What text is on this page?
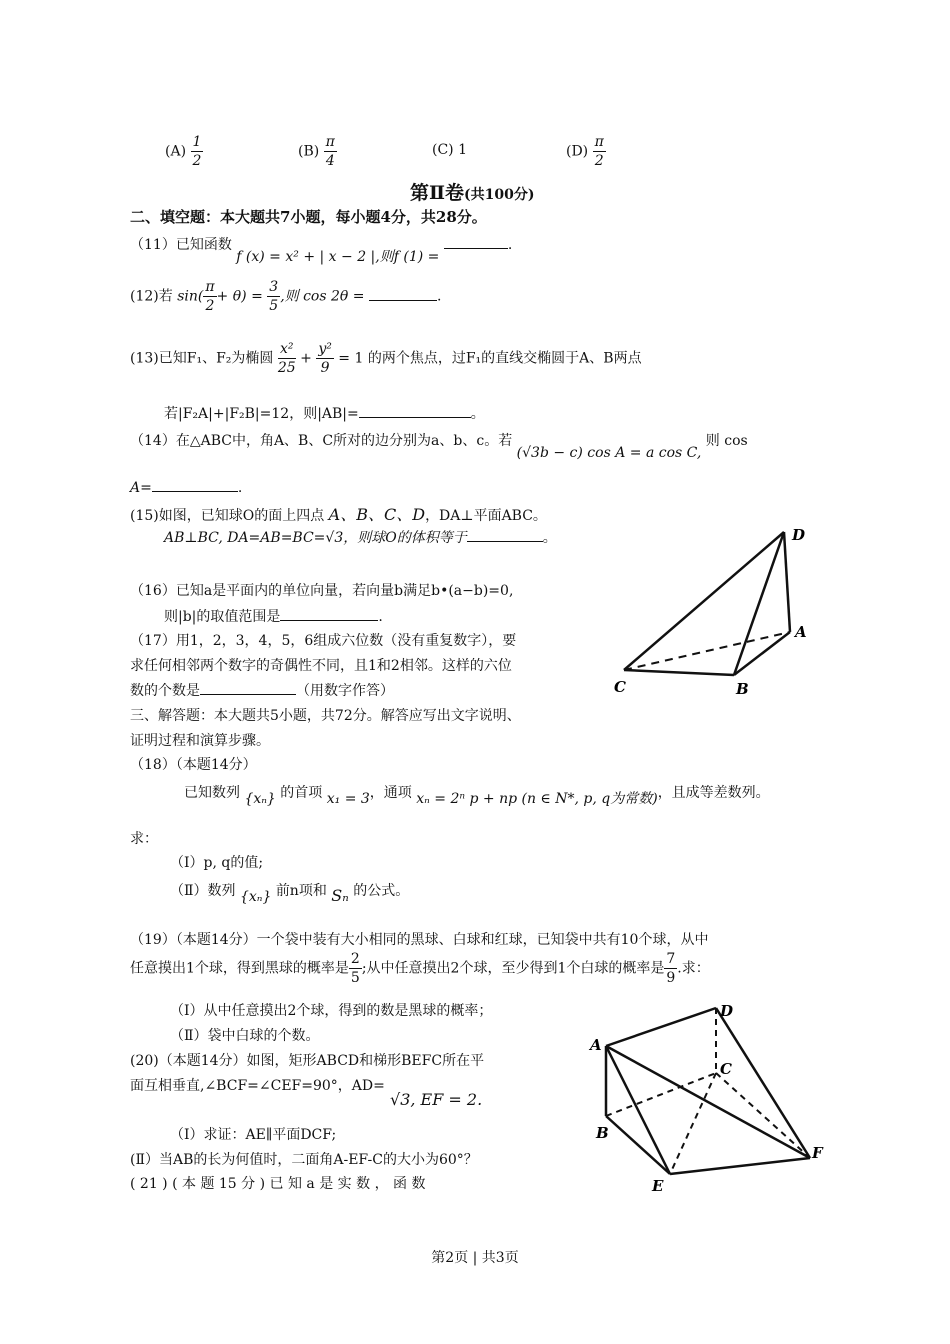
$(A) \frac{1}{2}$	$(B) \frac{\pi}{4}$	(C) 1	$(D) \frac{\pi}{2}$
第Ⅱ卷(共100分)
二、填空题：本大题共7小题，每小题4分，共28分。
（11）已知函数 f (x) = x² + | x − 2 |,则f (1) = .
(12)若 $\sin( \frac{\pi}{2} + \theta) = \frac{3}{5}$ ,则 cos 2θ =	.
(13)已知F₁、F₂为椭圆 $\frac{\text{x²}}{25} + \frac{\text{y²}}{9} = 1$ 的两个焦点，过F₁的直线交椭圆于A、B两点
若|F₂A|+|F₂B|=12，则|AB|=	。
（14）在△ABC中，角A、B、C所对的边分别为a、b、c。若 (√3b − c) cos A = a cos C, 则 cos
A=	.
(15)如图，已知球O的面上四点 A、B、C、D，DA⊥平面ABC。
AB⊥BC, DA=AB=BC=√3，则球O的体积等于	。
（16）已知a是平面内的单位向量，若向量b满足b•(a−b)=0,
则|b|的取值范围是	.
（17）用1，2，3，4，5，6组成六位数（没有重复数字），要
求任何相邻两个数字的奇偶性不同，且1和2相邻。这样的六位
数的个数是	（用数字作答）
D
A
C	B
三、解答题：本大题共5小题，共72分。解答应写出文字说明、
证明过程和演算步骤。
（18）（本题14分）
已知数列 {xₙ} 的首项 x₁ = 3，通项 xₙ = 2ⁿ p + np (n ∈ N*, p, q为常数)，且成等差数列。
求：
（Ⅰ）p, q的值;
（Ⅱ）数列 {xₙ} 前n项和 Sₙ 的公式。
（19）（本题14分）一个袋中装有大小相同的黑球、白球和红球，已知袋中共有10个球，从中
任意摸出1个球，得到黑球的概率是 $\frac{2}{5}$ ;从中任意摸出2个球，至少得到1个白球的概率是 $\frac{7}{9}$ .求：
（Ⅰ）从中任意摸出2个球，得到的数是黑球的概率；
（Ⅱ）袋中白球的个数。
(20)（本题14分）如图，矩形ABCD和梯形BEFC所在平
面互相垂直,∠BCF=∠CEF=90°，AD=
√3, EF = 2.
（Ⅰ）求证：AE∥平面DCF;
(Ⅱ）当AB的长为何值时，二面角A-EF-C的大小为60°？
( 21 ) ( 本 题 15 分 ) 已 知 a 是 实 数 ， 函 数
D
A
C
B
F
E
第2页 | 共3页
